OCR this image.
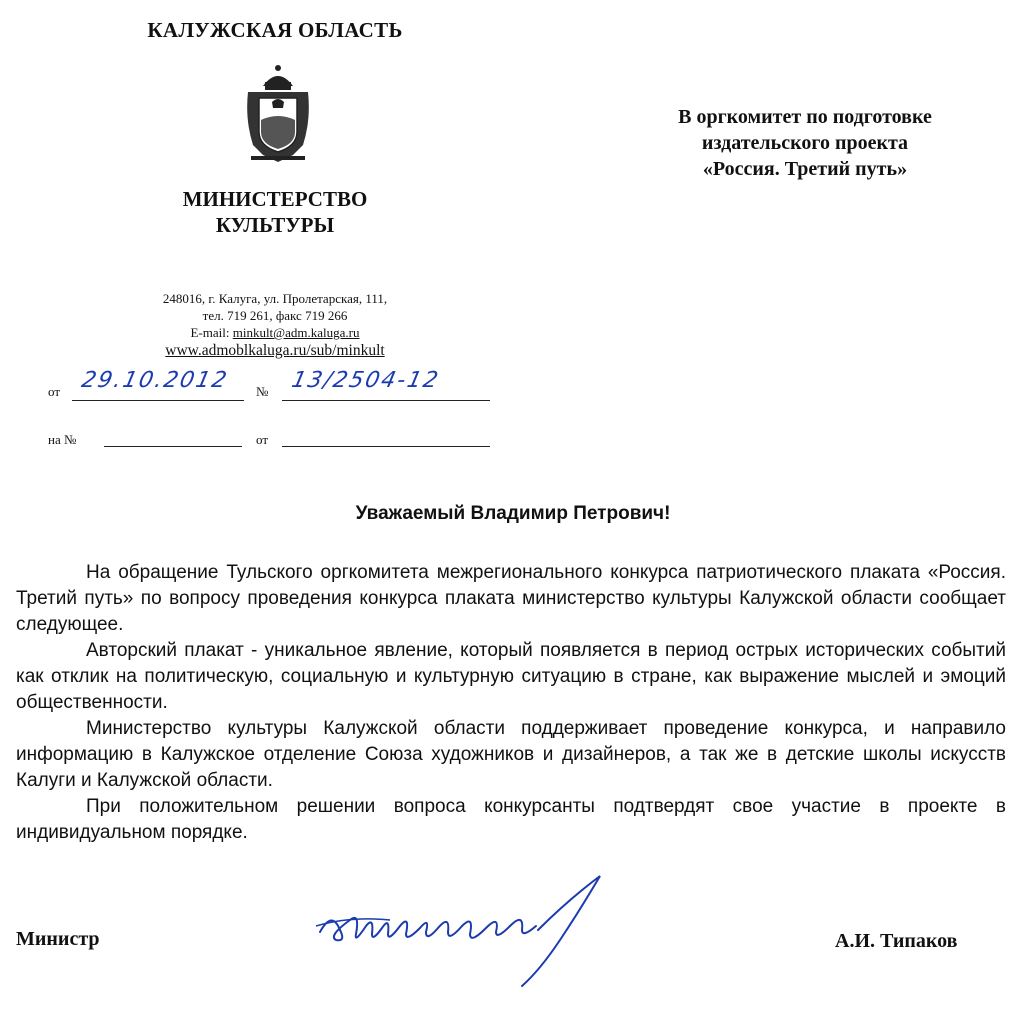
КАЛУЖСКАЯ ОБЛАСТЬ
МИНИСТЕРСТВО
КУЛЬТУРЫ
248016, г. Калуга, ул. Пролетарская, 111,
тел. 719 261, факс 719 266
E-mail: minkult@adm.kaluga.ru
www.admoblkaluga.ru/sub/minkult
от 29.10.2012 № 13/2504-12
на №	от
В оргкомитет по подготовке
издательского проекта
«Россия. Третий путь»
Уважаемый Владимир Петрович!

На обращение Тульского оргкомитета межрегионального конкурса патриотического плаката «Россия. Третий путь» по вопросу проведения конкурса плаката министерство культуры Калужской области сообщает следующее.

Авторский плакат - уникальное явление, который появляется в период острых исторических событий как отклик на политическую, социальную и культурную ситуацию в стране, как выражение мыслей и эмоций общественности.

Министерство культуры Калужской области поддерживает проведение конкурса, и направило информацию в Калужское отделение Союза художников и дизайнеров, а так же в детские школы искусств Калуги и Калужской области.

При положительном решении вопроса конкурсанты подтвердят свое участие в проекте в индивидуальном порядке.

Министр	А.И. Типаков
